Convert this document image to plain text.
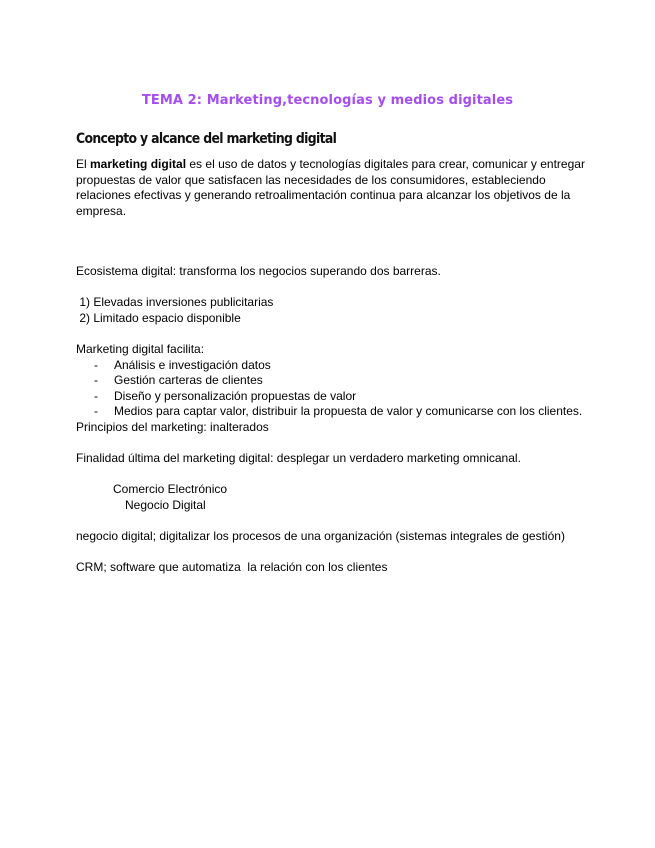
TEMA 2: Marketing,tecnologías y medios digitales
Concepto y alcance del marketing digital
El marketing digital es el uso de datos y tecnologías digitales para crear, comunicar y entregar propuestas de valor que satisfacen las necesidades de los consumidores, estableciendo relaciones efectivas y generando retroalimentación continua para alcanzar los objetivos de la empresa.
Ecosistema digital: transforma los negocios superando dos barreras.
1) Elevadas inversiones publicitarias
2) Limitado espacio disponible
Marketing digital facilita:
- Análisis e investigación datos
- Gestión carteras de clientes
- Diseño y personalización propuestas de valor
- Medios para captar valor, distribuir la propuesta de valor y comunicarse con los clientes.
Principios del marketing: inalterados
Finalidad última del marketing digital: desplegar un verdadero marketing omnicanal.
Comercio Electrónico
Negocio Digital
negocio digital; digitalizar los procesos de una organización (sistemas integrales de gestión)
CRM; software que automatiza  la relación con los clientes
